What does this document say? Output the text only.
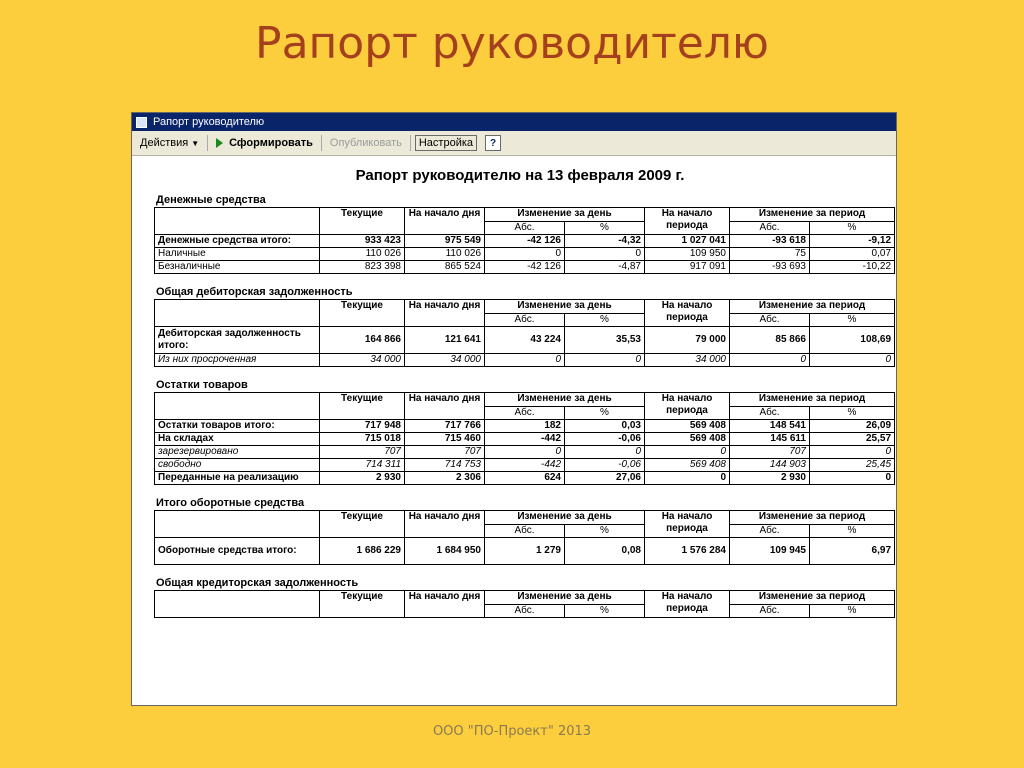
Рапорт руководителю
Рапорт руководителю
Действия ▼	Сформировать	Опубликовать	Настройка	?
Рапорт руководителю на 13 февраля 2009 г.
Денежные средства
	Текущие	На начало дня	Изменение за день		На начало периода	Изменение за период	
			Абс.	%		Абс.	%
Денежные средства итого:	933 423	975 549	-42 126	-4,32	1 027 041	-93 618	-9,12
Наличные	110 026	110 026	0	0	109 950	75	0,07
Безналичные	823 398	865 524	-42 126	-4,87	917 091	-93 693	-10,22
Общая дебиторская задолженность
	Текущие	На начало дня	Изменение за день		На начало периода	Изменение за период	
			Абс.	%		Абс.	%
Дебиторская задолженность итого:	164 866	121 641	43 224	35,53	79 000	85 866	108,69
Из них просроченная	34 000	34 000	0	0	34 000	0	0
Остатки товаров
	Текущие	На начало дня	Изменение за день		На начало периода	Изменение за период	
			Абс.	%		Абс.	%
Остатки товаров итого:	717 948	717 766	182	0,03	569 408	148 541	26,09
На складах	715 018	715 460	-442	-0,06	569 408	145 611	25,57
зарезервировано	707	707	0	0	0	707	0
свободно	714 311	714 753	-442	-0,06	569 408	144 903	25,45
Переданные на реализацию	2 930	2 306	624	27,06	0	2 930	0
Итого оборотные средства
	Текущие	На начало дня	Изменение за день		На начало периода	Изменение за период	
			Абс.	%		Абс.	%
Оборотные средства итого:	1 686 229	1 684 950	1 279	0,08	1 576 284	109 945	6,97
Общая кредиторская задолженность
	Текущие	На начало дня	Изменение за день		На начало периода	Изменение за период	
			Абс.	%		Абс.	%
ООО "ПО-Проект" 2013
